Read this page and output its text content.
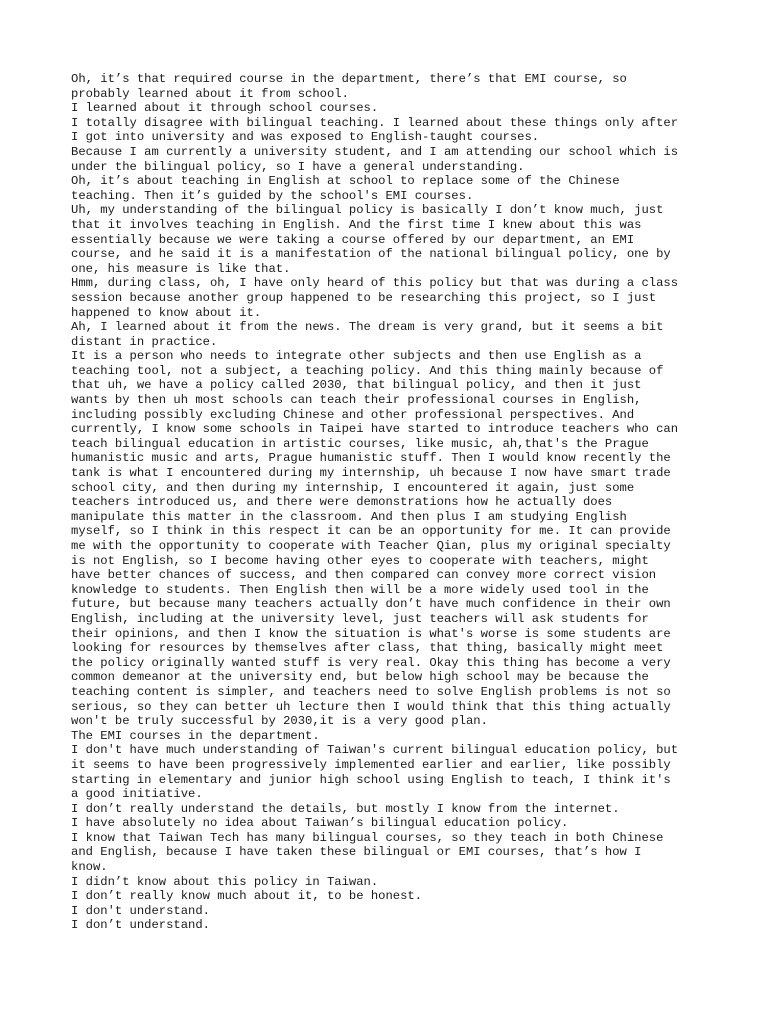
Oh, it’s that required course in the department, there’s that EMI course, so
probably learned about it from school.

I learned about it through school courses.

I totally disagree with bilingual teaching. I learned about these things only after
I got into university and was exposed to English-taught courses.

Because I am currently a university student, and I am attending our school which is
under the bilingual policy, so I have a general understanding.

Oh, it’s about teaching in English at school to replace some of the Chinese
teaching. Then it’s guided by the school's EMI courses.

Uh, my understanding of the bilingual policy is basically I don’t know much, just
that it involves teaching in English. And the first time I knew about this was
essentially because we were taking a course offered by our department, an EMI
course, and he said it is a manifestation of the national bilingual policy, one by
one, his measure is like that.

Hmm, during class, oh, I have only heard of this policy but that was during a class
session because another group happened to be researching this project, so I just
happened to know about it.

Ah, I learned about it from the news. The dream is very grand, but it seems a bit
distant in practice.

It is a person who needs to integrate other subjects and then use English as a
teaching tool, not a subject, a teaching policy. And this thing mainly because of
that uh, we have a policy called 2030, that bilingual policy, and then it just
wants by then uh most schools can teach their professional courses in English,
including possibly excluding Chinese and other professional perspectives. And
currently, I know some schools in Taipei have started to introduce teachers who can
teach bilingual education in artistic courses, like music, ah,that's the Prague
humanistic music and arts, Prague humanistic stuff. Then I would know recently the
tank is what I encountered during my internship, uh because I now have smart trade
school city, and then during my internship, I encountered it again, just some
teachers introduced us, and there were demonstrations how he actually does
manipulate this matter in the classroom. And then plus I am studying English
myself, so I think in this respect it can be an opportunity for me. It can provide
me with the opportunity to cooperate with Teacher Qian, plus my original specialty
is not English, so I become having other eyes to cooperate with teachers, might
have better chances of success, and then compared can convey more correct vision
knowledge to students. Then English then will be a more widely used tool in the
future, but because many teachers actually don’t have much confidence in their own
English, including at the university level, just teachers will ask students for
their opinions, and then I know the situation is what's worse is some students are
looking for resources by themselves after class, that thing, basically might meet
the policy originally wanted stuff is very real. Okay this thing has become a very
common demeanor at the university end, but below high school may be because the
teaching content is simpler, and teachers need to solve English problems is not so
serious, so they can better uh lecture then I would think that this thing actually
won't be truly successful by 2030,it is a very good plan.

The EMI courses in the department.

I don't have much understanding of Taiwan's current bilingual education policy, but
it seems to have been progressively implemented earlier and earlier, like possibly
starting in elementary and junior high school using English to teach, I think it's
a good initiative.

I don’t really understand the details, but mostly I know from the internet.

I have absolutely no idea about Taiwan’s bilingual education policy.

I know that Taiwan Tech has many bilingual courses, so they teach in both Chinese
and English, because I have taken these bilingual or EMI courses, that’s how I
know.

I didn’t know about this policy in Taiwan.

I don’t really know much about it, to be honest.

I don't understand.

I don’t understand.
